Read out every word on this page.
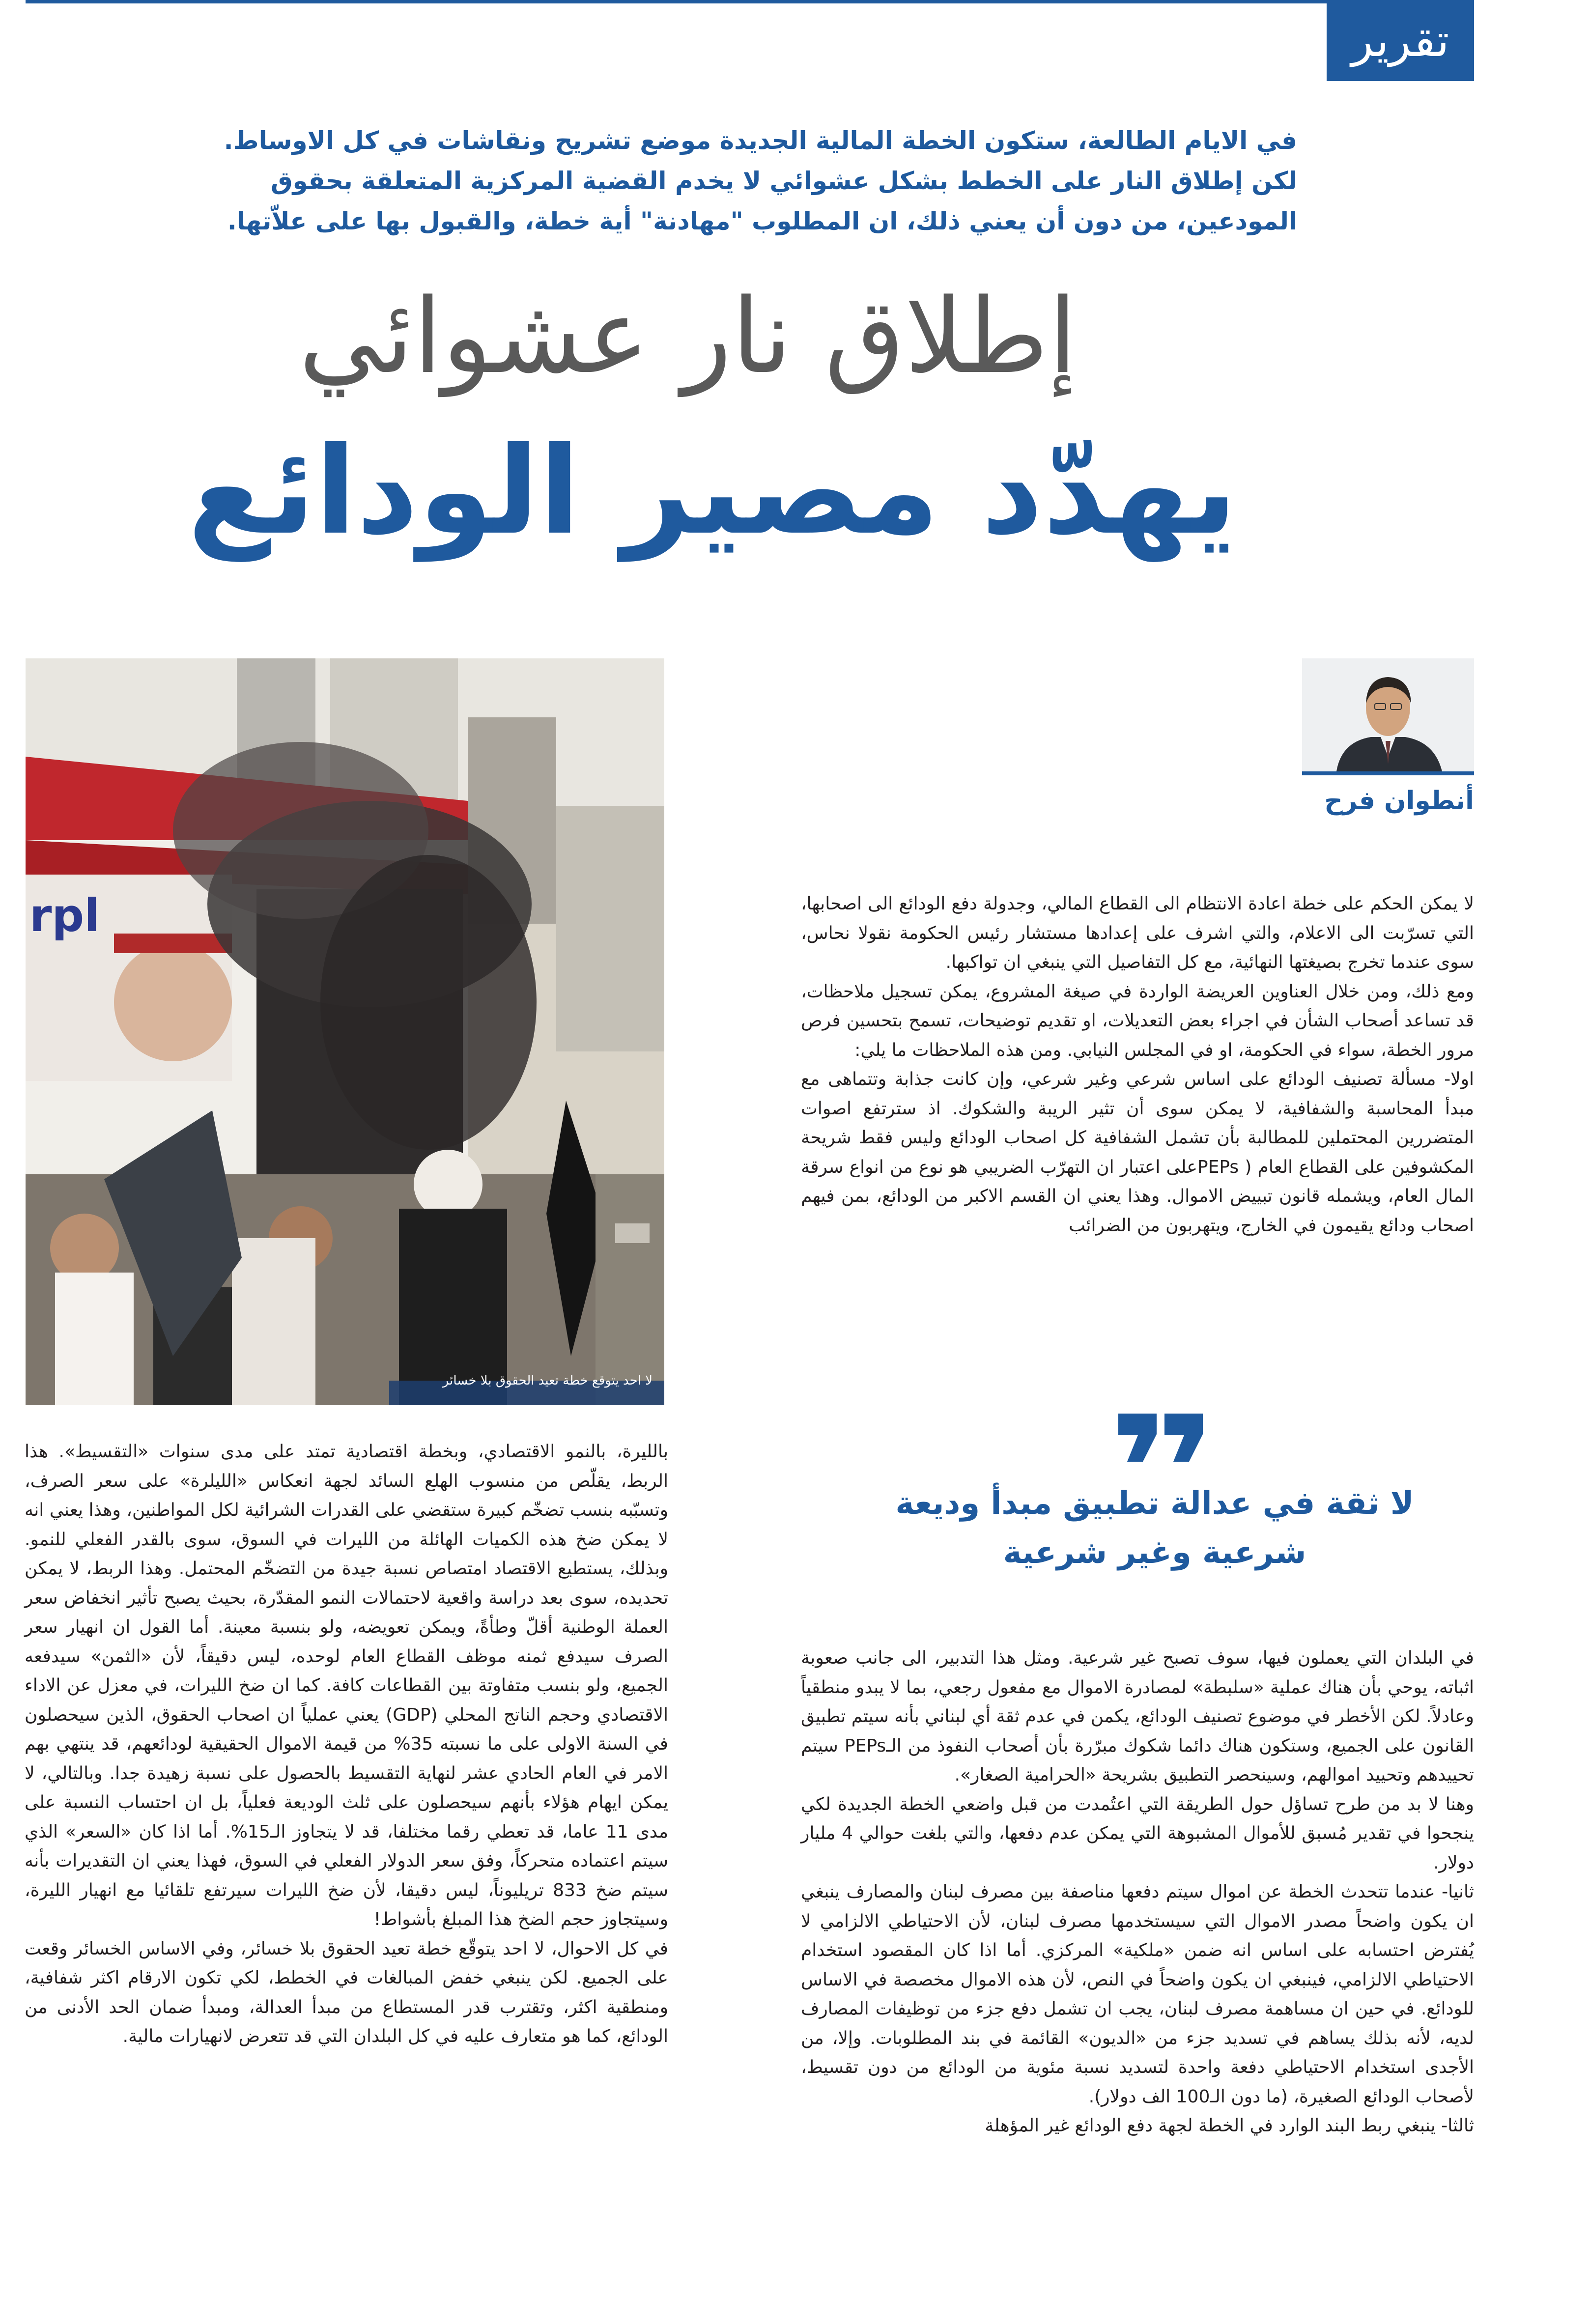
تقرير
في الايام الطالعة، ستكون الخطة المالية الجديدة موضع تشريح ونقاشات في كل الاوساط. لكن إطلاق النار على الخطط بشكل عشوائي لا يخدم القضية المركزية المتعلقة بحقوق المودعين، من دون أن يعني ذلك، ان المطلوب "مهادنة" أية خطة، والقبول بها على علاّتها.
إطلاق نار عشوائي
يهدّد مصير الودائع
أنطوان فرح
rpl
لا احد يتوقع خطة تعيد الحقوق بلا خسائر
لا ثقة في عدالة تطبيق مبدأ وديعة شرعية وغير شرعية

لا يمكن الحكم على خطة اعادة الانتظام الى القطاع المالي، وجدولة دفع الودائع الى اصحابها، التي تسرّبت الى الاعلام، والتي اشرف على إعدادها مستشار رئيس الحكومة نقولا نحاس، سوى عندما تخرج بصيغتها النهائية، مع كل التفاصيل التي ينبغي ان تواكبها.

ومع ذلك، ومن خلال العناوين العريضة الواردة في صيغة المشروع، يمكن تسجيل ملاحظات، قد تساعد أصحاب الشأن في اجراء بعض التعديلات، او تقديم توضيحات، تسمح بتحسين فرص مرور الخطة، سواء في الحكومة، او في المجلس النيابي. ومن هذه الملاحظات ما يلي:

اولا- مسألة تصنيف الودائع على اساس شرعي وغير شرعي، وإن كانت جذابة وتتماهى مع مبدأ المحاسبة والشفافية، لا يمكن سوى أن تثير الريبة والشكوك. اذ سترتفع اصوات المتضررين المحتملين للمطالبة بأن تشمل الشفافية كل اصحاب الودائع وليس فقط شريحة المكشوفين على القطاع العام ( PEPsعلى اعتبار ان التهرّب الضريبي هو نوع من انواع سرقة المال العام، ويشمله قانون تبييض الاموال. وهذا يعني ان القسم الاكبر من الودائع، بمن فيهم اصحاب ودائع يقيمون في الخارج، ويتهربون من الضرائب

في البلدان التي يعملون فيها، سوف تصبح غير شرعية. ومثل هذا التدبير، الى جانب صعوبة اثباته، يوحي بأن هناك عملية «سلبطة» لمصادرة الاموال مع مفعول رجعي، بما لا يبدو منطقياً وعادلاً. لكن الأخطر في موضوع تصنيف الودائع، يكمن في عدم ثقة أي لبناني بأنه سيتم تطبيق القانون على الجميع، وستكون هناك دائما شكوك مبرّرة بأن أصحاب النفوذ من الـPEPs سيتم تحييدهم وتحييد اموالهم، وسينحصر التطبيق بشريحة «الحرامية الصغار».

وهنا لا بد من طرح تساؤل حول الطريقة التي اعتُمدت من قبل واضعي الخطة الجديدة لكي ينجحوا في تقدير مُسبق للأموال المشبوهة التي يمكن عدم دفعها، والتي بلغت حوالي 4 مليار دولار.

ثانيا- عندما تتحدث الخطة عن اموال سيتم دفعها مناصفة بين مصرف لبنان والمصارف ينبغي ان يكون واضحاً مصدر الاموال التي سيستخدمها مصرف لبنان، لأن الاحتياطي الالزامي لا يُفترض احتسابه على اساس انه ضمن «ملكية» المركزي. أما اذا كان المقصود استخدام الاحتياطي الالزامي، فينبغي ان يكون واضحاً في النص، لأن هذه الاموال مخصصة في الاساس للودائع. في حين ان مساهمة مصرف لبنان، يجب ان تشمل دفع جزء من توظيفات المصارف لديه، لأنه بذلك يساهم في تسديد جزء من «الديون» القائمة في بند المطلوبات. وإلا، من الأجدى استخدام الاحتياطي دفعة واحدة لتسديد نسبة مئوية من الودائع من دون تقسيط، لأصحاب الودائع الصغيرة، (ما دون الـ100 الف دولار).

ثالثا- ينبغي ربط البند الوارد في الخطة لجهة دفع الودائع غير المؤهلة

بالليرة، بالنمو الاقتصادي، وبخطة اقتصادية تمتد على مدى سنوات «التقسيط». هذا الربط، يقلّص من منسوب الهلع السائد لجهة انعكاس «الليلرة» على سعر الصرف، وتسبّبه بنسب تضخّم كبيرة ستقضي على القدرات الشرائية لكل المواطنين، وهذا يعني انه لا يمكن ضخ هذه الكميات الهائلة من الليرات في السوق، سوى بالقدر الفعلي للنمو. وبذلك، يستطيع الاقتصاد امتصاص نسبة جيدة من التضخّم المحتمل. وهذا الربط، لا يمكن تحديده، سوى بعد دراسة واقعية لاحتمالات النمو المقدّرة، بحيث يصبح تأثير انخفاض سعر العملة الوطنية أقلّ وطأةً، ويمكن تعويضه، ولو بنسبة معينة. أما القول ان انهيار سعر الصرف سيدفع ثمنه موظف القطاع العام لوحده، ليس دقيقاً، لأن «الثمن» سيدفعه الجميع، ولو بنسب متفاوتة بين القطاعات كافة. كما ان ضخ الليرات، في معزل عن الاداء الاقتصادي وحجم الناتج المحلي (GDP) يعني عملياً ان اصحاب الحقوق، الذين سيحصلون في السنة الاولى على ما نسبته 35% من قيمة الاموال الحقيقية لودائعهم، قد ينتهي بهم الامر في العام الحادي عشر لنهاية التقسيط بالحصول على نسبة زهيدة جدا. وبالتالي، لا يمكن ايهام هؤلاء بأنهم سيحصلون على ثلث الوديعة فعلياً، بل ان احتساب النسبة على مدى 11 عاما، قد تعطي رقما مختلفا، قد لا يتجاوز الـ15%. أما اذا كان «السعر» الذي سيتم اعتماده متحركاً، وفق سعر الدولار الفعلي في السوق، فهذا يعني ان التقديرات بأنه سيتم ضخ 833 تريليوناً، ليس دقيقا، لأن ضخ الليرات سيرتفع تلقائيا مع انهيار الليرة، وسيتجاوز حجم الضخ هذا المبلغ بأشواط!

في كل الاحوال، لا احد يتوقّع خطة تعيد الحقوق بلا خسائر، وفي الاساس الخسائر وقعت على الجميع. لكن ينبغي خفض المبالغات في الخطط، لكي تكون الارقام اكثر شفافية، ومنطقية اكثر، وتقترب قدر المستطاع من مبدأ العدالة، ومبدأ ضمان الحد الأدنى من الودائع، كما هو متعارف عليه في كل البلدان التي قد تتعرض لانهيارات مالية.
